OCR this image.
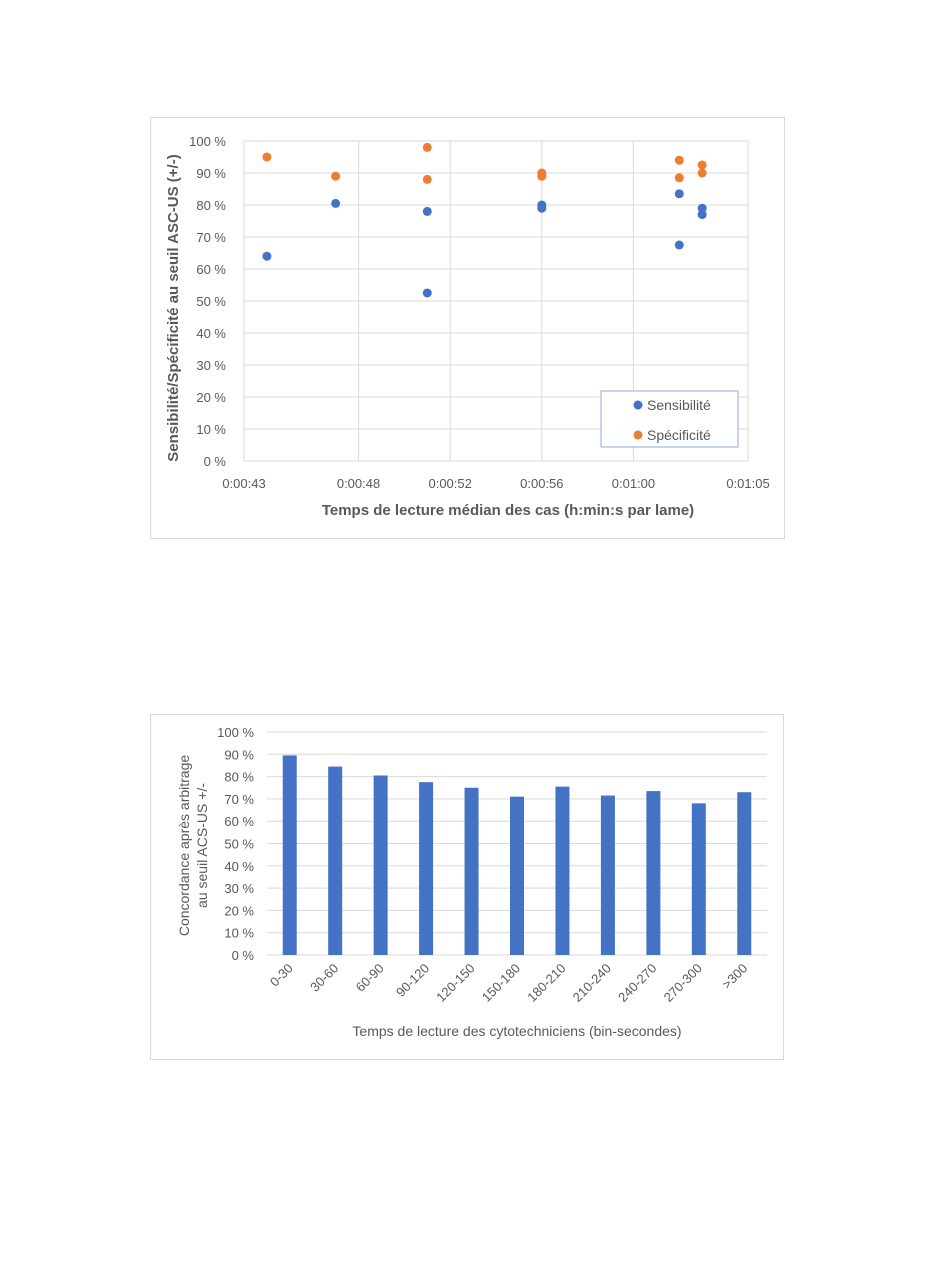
0 %
10 %
20 %
30 %
40 %
50 %
60 %
70 %
80 %
90 %
100 %
0:00:43	0:00:48	0:00:52	0:00:56	0:01:00	0:01:05
Temps de lecture médian des cas (h:min:s par lame)
Sensibilité/Spécificité au seuil ASC-US (+/-)	Sensibilité
Spécificité
0 %
10 %
20 %
30 %
40 %
50 %
60 %
70 %
80 %
90 %
100 %
0-30 30-60 60-90 90-120 120-150 150-180 180-210 210-240 240-270 270-300 >300
Temps de lecture des cytotechniciens (bin-secondes)
Concordance après arbitrage au seuil ACS-US +/-
